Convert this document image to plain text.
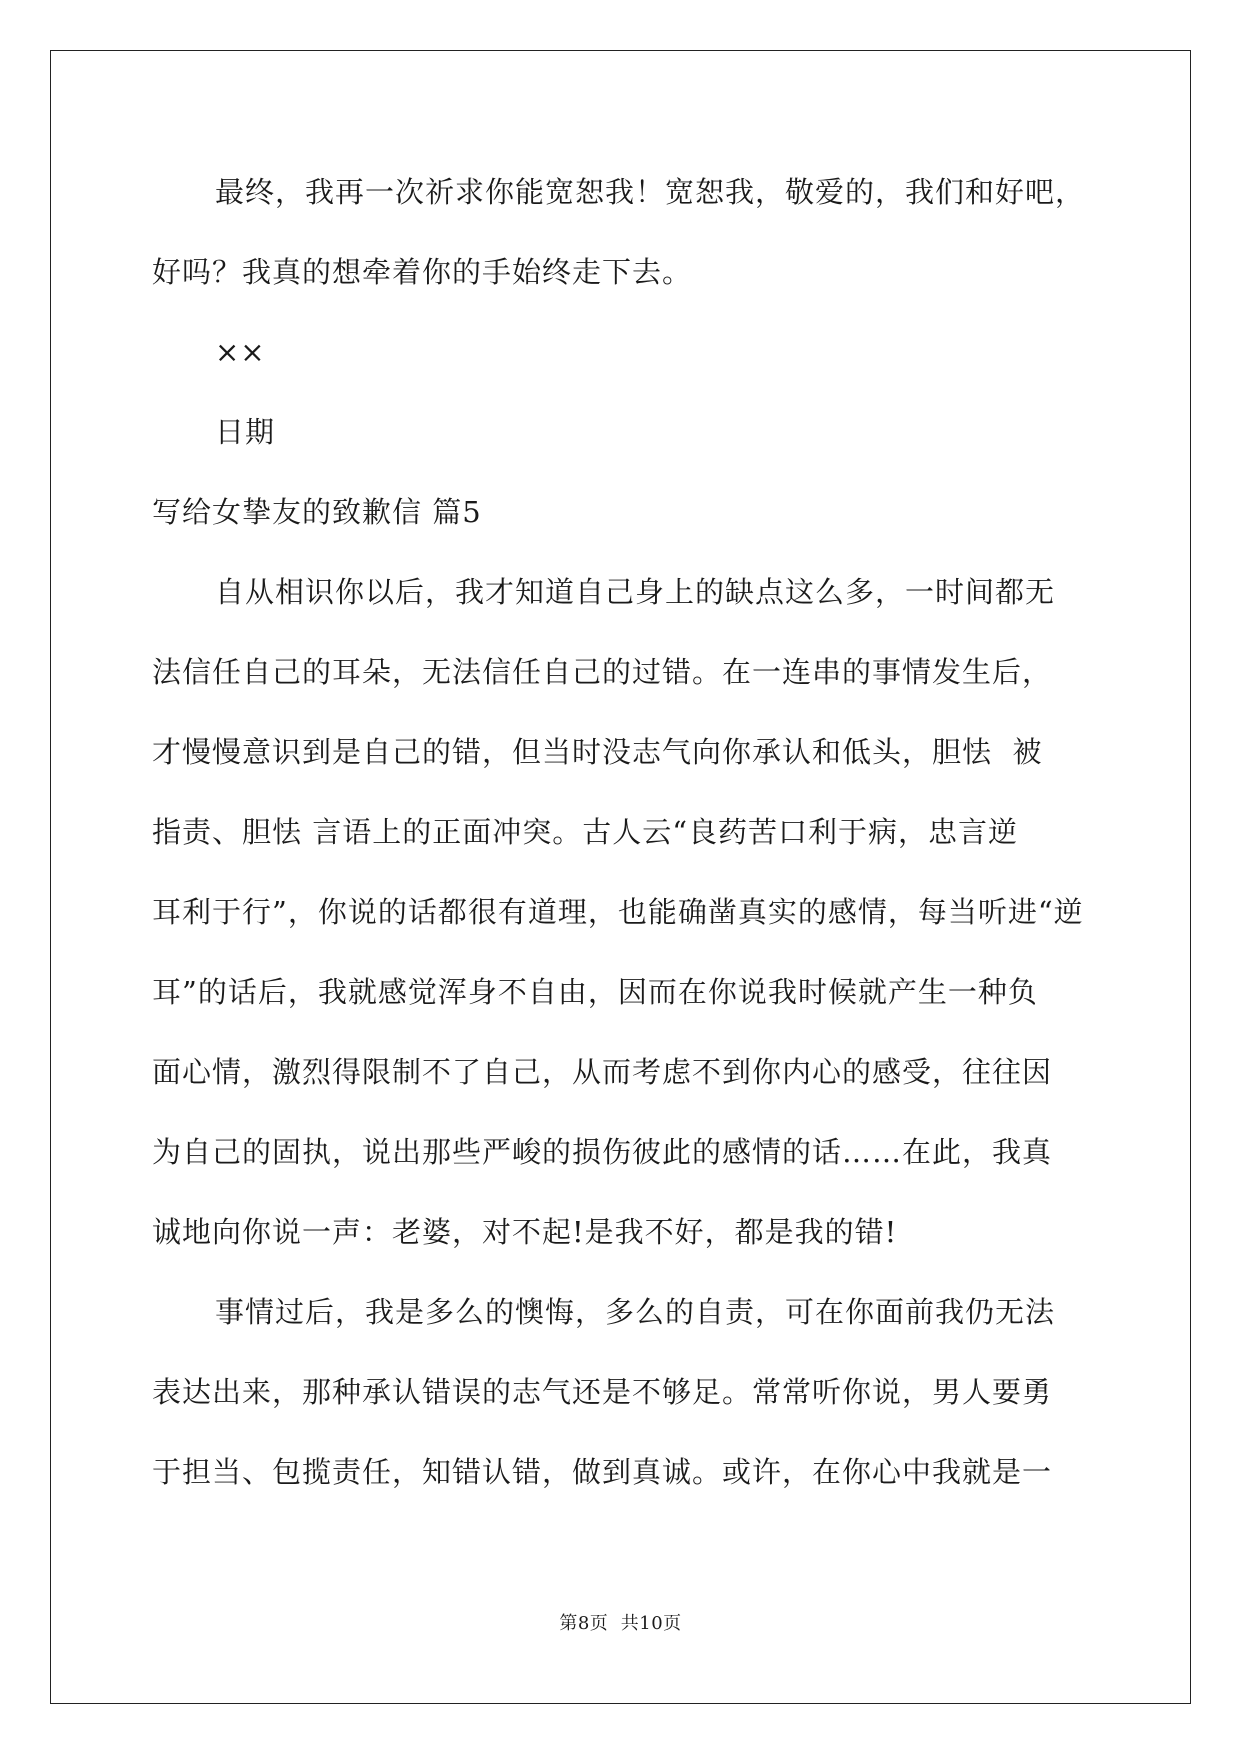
最终，我再一次祈求你能宽恕我！宽恕我，敬爱的，我们和好吧，
好吗？我真的想牵着你的手始终走下去。
××
日期
写给女挚友的致歉信 篇5
自从相识你以后，我才知道自己身上的缺点这么多，一时间都无
法信任自己的耳朵，无法信任自己的过错。在一连串的事情发生后，
才慢慢意识到是自己的错，但当时没志气向你承认和低头，胆怯  被
指责、胆怯 言语上的正面冲突。古人云“良药苦口利于病，忠言逆
耳利于行”，你说的话都很有道理，也能确凿真实的感情，每当听进“逆
耳”的话后，我就感觉浑身不自由，因而在你说我时候就产生一种负
面心情，激烈得限制不了自己，从而考虑不到你内心的感受，往往因
为自己的固执，说出那些严峻的损伤彼此的感情的话……在此，我真
诚地向你说一声：老婆，对不起!是我不好，都是我的错!
事情过后，我是多么的懊悔，多么的自责，可在你面前我仍无法
表达出来，那种承认错误的志气还是不够足。常常听你说，男人要勇
于担当、包揽责任，知错认错，做到真诚。或许，在你心中我就是一
第8页  共10页
